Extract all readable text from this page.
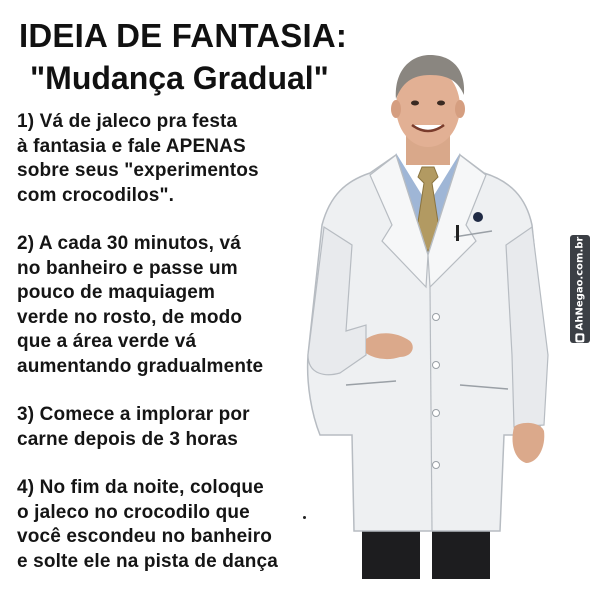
IDEIA DE FANTASIA:
"Mudança Gradual"

1) Vá de jaleco pra festa
à fantasia e fale APENAS
sobre seus "experimentos
com crocodilos".

2) A cada 30 minutos, vá
no banheiro e passe um
pouco de maquiagem
verde no rosto, de modo
que a área verde vá
aumentando gradualmente

3) Comece a implorar por
carne depois de 3 horas

4) No fim da noite, coloque
o jaleco no crocodilo que
você escondeu no banheiro
e solte ele na pista de dança

AhNegao.com.br
